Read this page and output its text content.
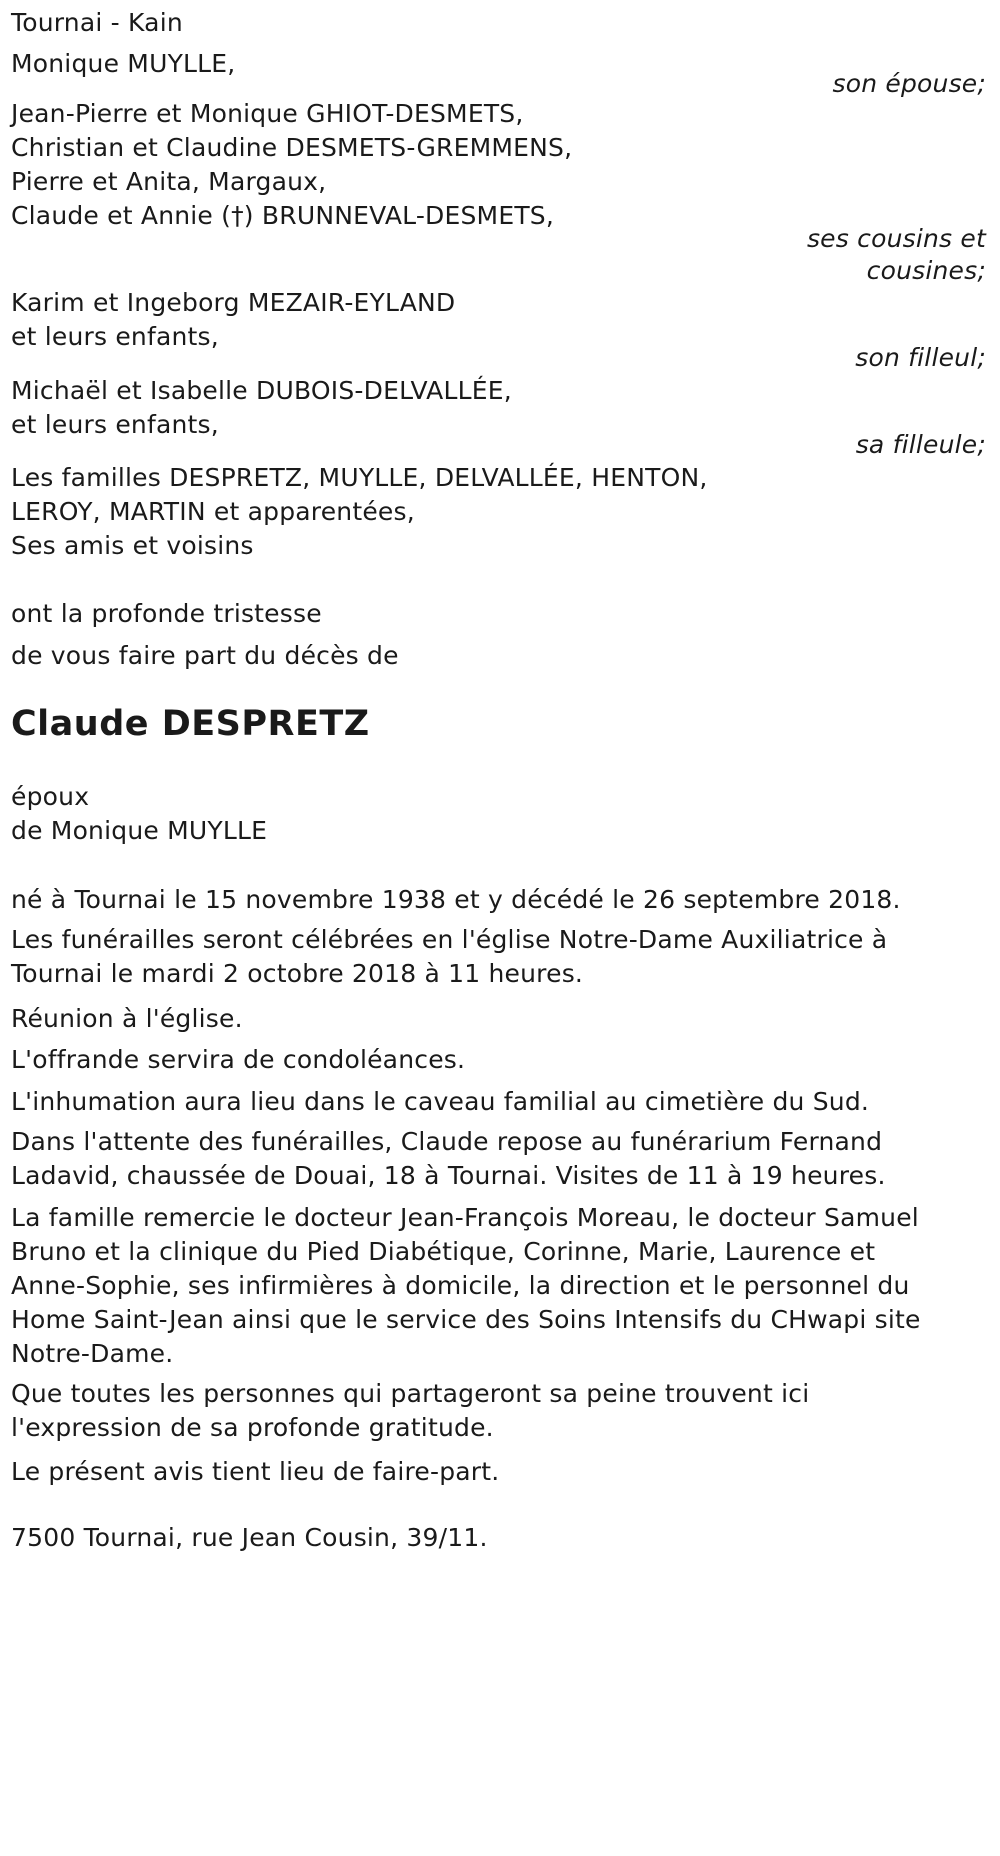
Tournai - Kain
Monique MUYLLE,
son épouse;
Jean-Pierre et Monique GHIOT-DESMETS,
Christian et Claudine DESMETS-GREMMENS,
Pierre et Anita, Margaux,
Claude et Annie (†) BRUNNEVAL-DESMETS,
ses cousins et
cousines;
Karim et Ingeborg MEZAIR-EYLAND
et leurs enfants,
son filleul;
Michaël et Isabelle DUBOIS-DELVALLÉE,
et leurs enfants,
sa filleule;
Les familles DESPRETZ, MUYLLE, DELVALLÉE, HENTON,
LEROY, MARTIN et apparentées,
Ses amis et voisins
ont la profonde tristesse
de vous faire part du décès de
Claude DESPRETZ
époux
de Monique MUYLLE
né à Tournai le 15 novembre 1938 et y décédé le 26 septembre 2018.
Les funérailles seront célébrées en l'église Notre-Dame Auxiliatrice à
Tournai le mardi 2 octobre 2018 à 11 heures.
Réunion à l'église.
L'offrande servira de condoléances.
L'inhumation aura lieu dans le caveau familial au cimetière du Sud.
Dans l'attente des funérailles, Claude repose au funérarium Fernand
Ladavid, chaussée de Douai, 18 à Tournai. Visites de 11 à 19 heures.
La famille remercie le docteur Jean-François Moreau, le docteur Samuel
Bruno et la clinique du Pied Diabétique, Corinne, Marie, Laurence et
Anne-Sophie, ses infirmières à domicile, la direction et le personnel du
Home Saint-Jean ainsi que le service des Soins Intensifs du CHwapi site
Notre-Dame.
Que toutes les personnes qui partageront sa peine trouvent ici
l'expression de sa profonde gratitude.
Le présent avis tient lieu de faire-part.
7500 Tournai, rue Jean Cousin, 39/11.
